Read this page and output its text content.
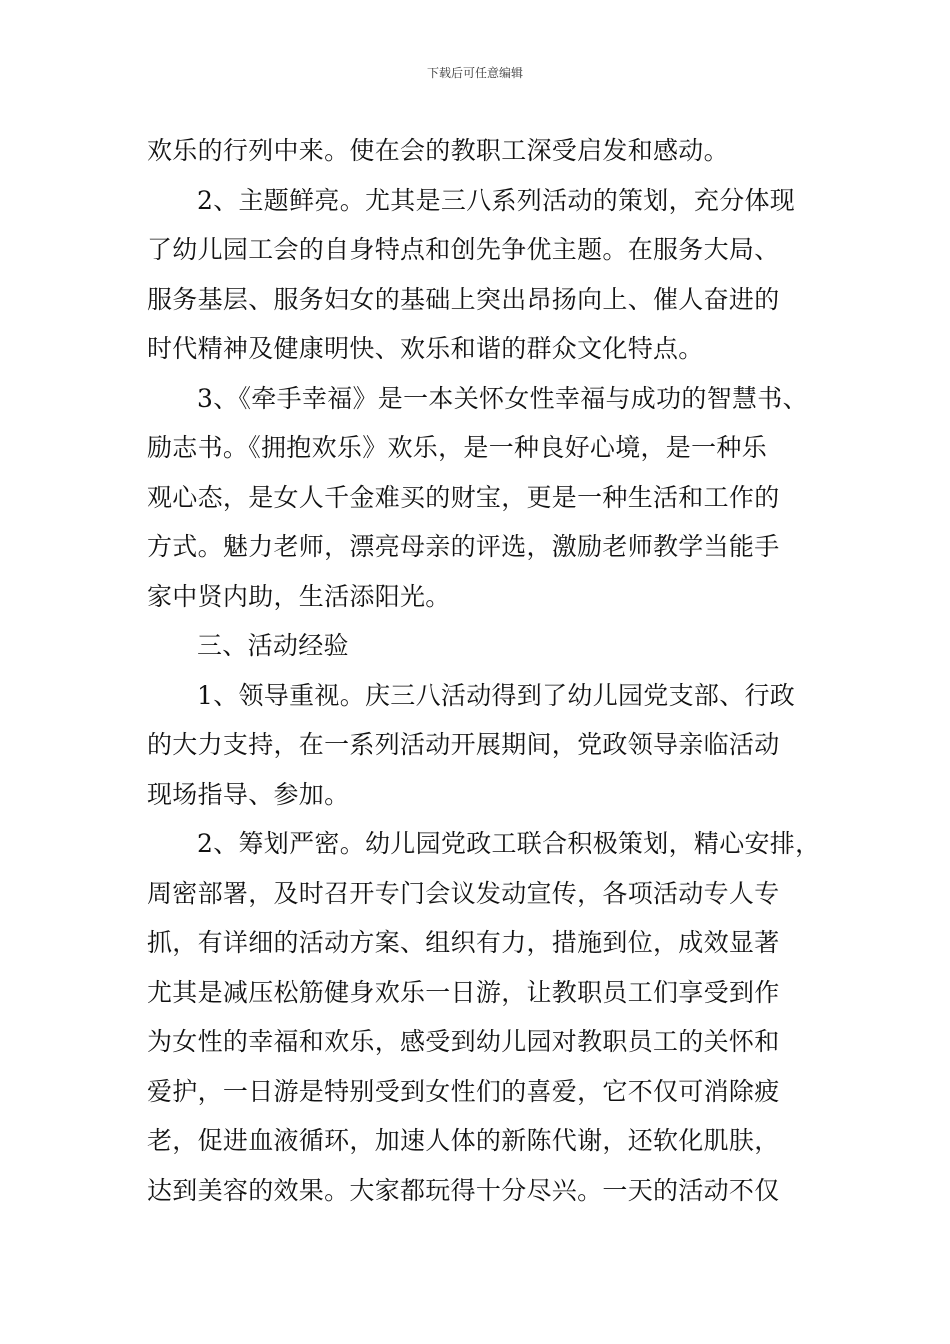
下载后可任意编辑
欢乐的行列中来。使在会的教职工深受启发和感动。
2、主题鲜亮。尤其是三八系列活动的策划，充分体现
了幼儿园工会的自身特点和创先争优主题。在服务大局、
服务基层、服务妇女的基础上突出昂扬向上、催人奋进的
时代精神及健康明快、欢乐和谐的群众文化特点。
3、《牵手幸福》是一本关怀女性幸福与成功的智慧书、
励志书。《拥抱欢乐》欢乐，是一种良好心境，是一种乐
观心态，是女人千金难买的财宝，更是一种生活和工作的
方式。魅力老师，漂亮母亲的评选，激励老师教学当能手
家中贤内助，生活添阳光。
三、活动经验
1、领导重视。庆三八活动得到了幼儿园党支部、行政
的大力支持，在一系列活动开展期间，党政领导亲临活动
现场指导、参加。
2、筹划严密。幼儿园党政工联合积极策划，精心安排，
周密部署，及时召开专门会议发动宣传，各项活动专人专
抓，有详细的活动方案、组织有力，措施到位，成效显著
尤其是减压松筋健身欢乐一日游，让教职员工们享受到作
为女性的幸福和欢乐，感受到幼儿园对教职员工的关怀和
爱护，一日游是特别受到女性们的喜爱，它不仅可消除疲
老，促进血液循环，加速人体的新陈代谢，还软化肌肤，
达到美容的效果。大家都玩得十分尽兴。一天的活动不仅
